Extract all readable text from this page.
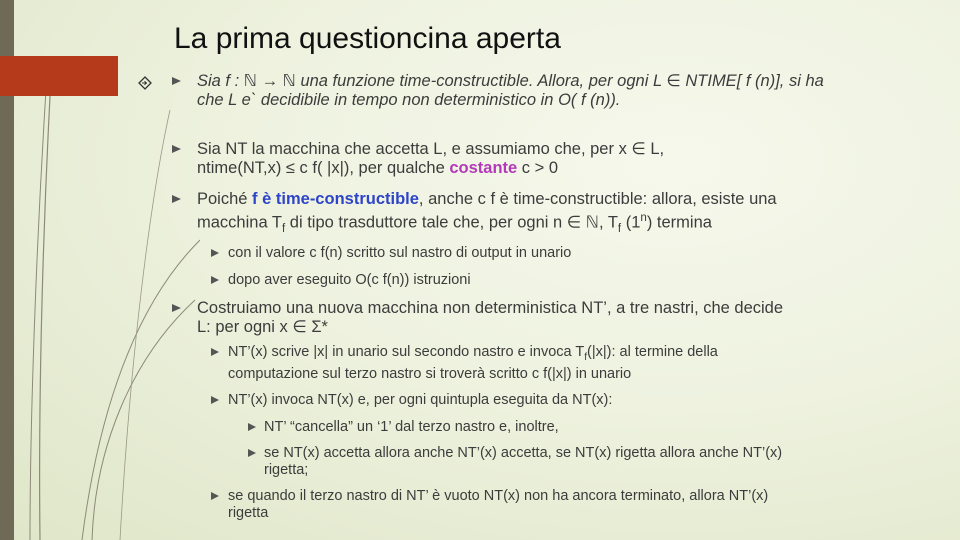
La prima questioncina aperta
Sia f : ℕ → ℕ una funzione time-constructible. Allora, per ogni L ∈ NTIME[ f (n)], si ha
che L e` decidibile in tempo non deterministico in O( f (n)).
Sia NT la macchina che accetta L, e assumiamo che, per x ∈ L,
ntime(NT,x) ≤ c f( |x|), per qualche costante c > 0
Poiché f è time-constructible, anche c f è time-constructible: allora, esiste una
macchina $T_f$ di tipo trasduttore tale che, per ogni n ∈ ℕ, $T_f$ (1$^n$) termina
con il valore c f(n) scritto sul nastro di output in unario
dopo aver eseguito O(c f(n)) istruzioni
Costruiamo una nuova macchina non deterministica NT’, a tre nastri, che decide
L: per ogni x ∈ Σ*
NT’(x) scrive |x| in unario sul secondo nastro e invoca $T_f(|x|)$: al termine della
computazione sul terzo nastro si troverà scritto c f(|x|) in unario
NT’(x) invoca NT(x) e, per ogni quintupla eseguita da NT(x):
NT’ “cancella” un ‘1’ dal terzo nastro e, inoltre,
se NT(x) accetta allora anche NT’(x) accetta, se NT(x) rigetta allora anche NT’(x)
rigetta;
se quando il terzo nastro di NT’ è vuoto NT(x) non ha ancora terminato, allora NT’(x)
rigetta
